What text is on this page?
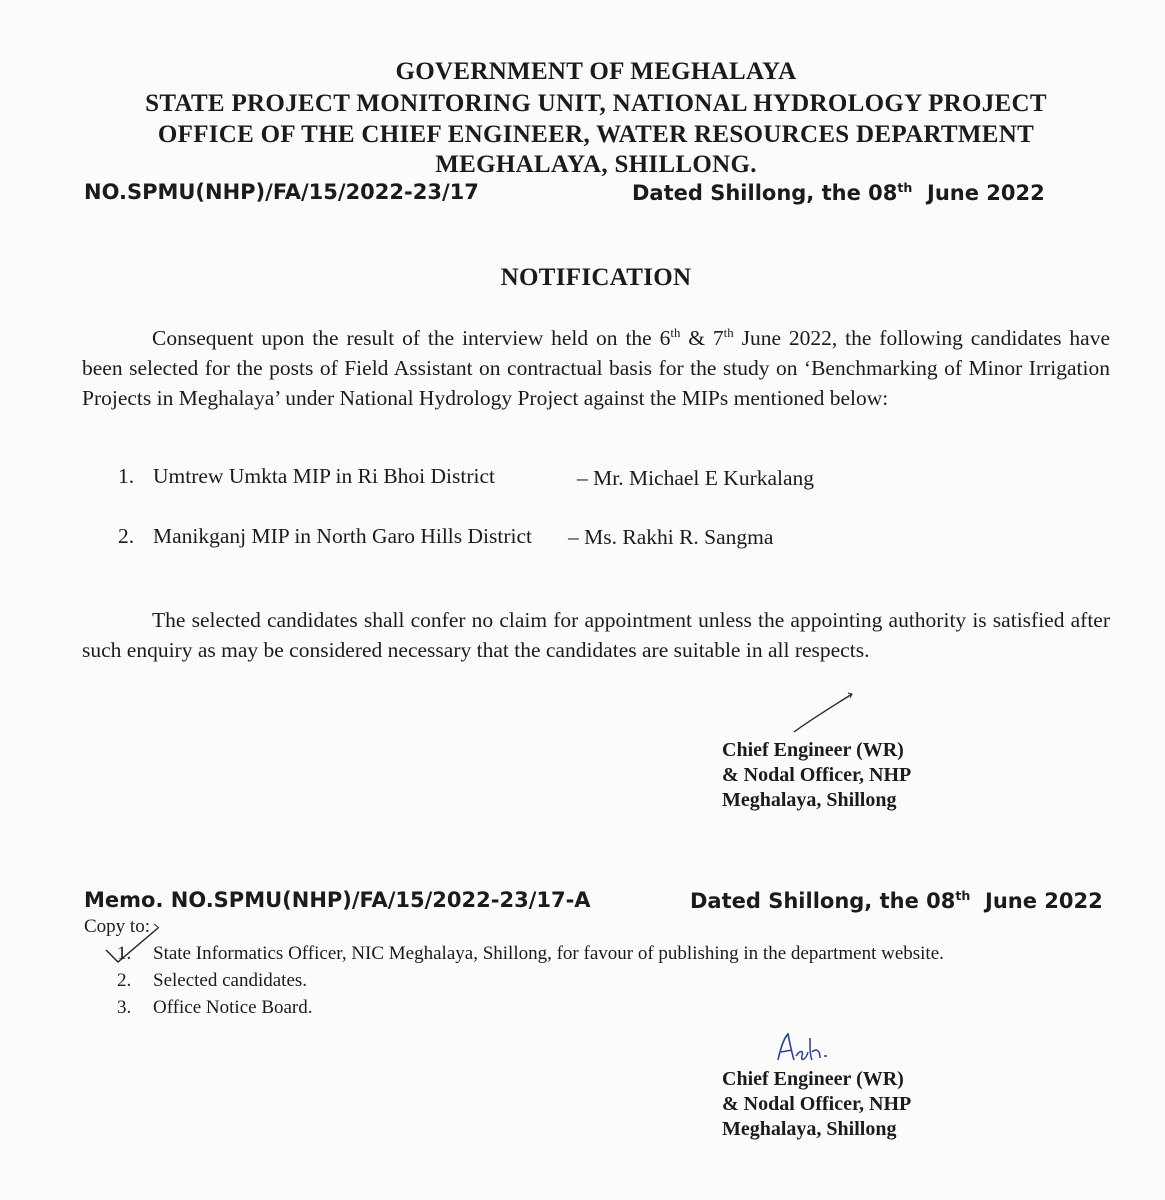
GOVERNMENT OF MEGHALAYA
STATE PROJECT MONITORING UNIT, NATIONAL HYDROLOGY PROJECT
OFFICE OF THE CHIEF ENGINEER, WATER RESOURCES DEPARTMENT
MEGHALAYA, SHILLONG.
NO.SPMU(NHP)/FA/15/2022-23/17	Dated Shillong, the 08th June 2022
NOTIFICATION
Consequent upon the result of the interview held on the 6th & 7th June 2022, the following candidates have been selected for the posts of Field Assistant on contractual basis for the study on ‘Benchmarking of Minor Irrigation Projects in Meghalaya’ under National Hydrology Project against the MIPs mentioned below:
1. Umtrew Umkta MIP in Ri Bhoi District	– Mr. Michael E Kurkalang
2. Manikganj MIP in North Garo Hills District – Ms. Rakhi R. Sangma
The selected candidates shall confer no claim for appointment unless the appointing authority is satisfied after such enquiry as may be considered necessary that the candidates are suitable in all respects.
Chief Engineer (WR)
& Nodal Officer, NHP
Meghalaya, Shillong
Memo. NO.SPMU(NHP)/FA/15/2022-23/17-A	Dated Shillong, the 08th June 2022
Copy to:
1. State Informatics Officer, NIC Meghalaya, Shillong, for favour of publishing in the department website.
2. Selected candidates.
3. Office Notice Board.
Chief Engineer (WR)
& Nodal Officer, NHP
Meghalaya, Shillong
